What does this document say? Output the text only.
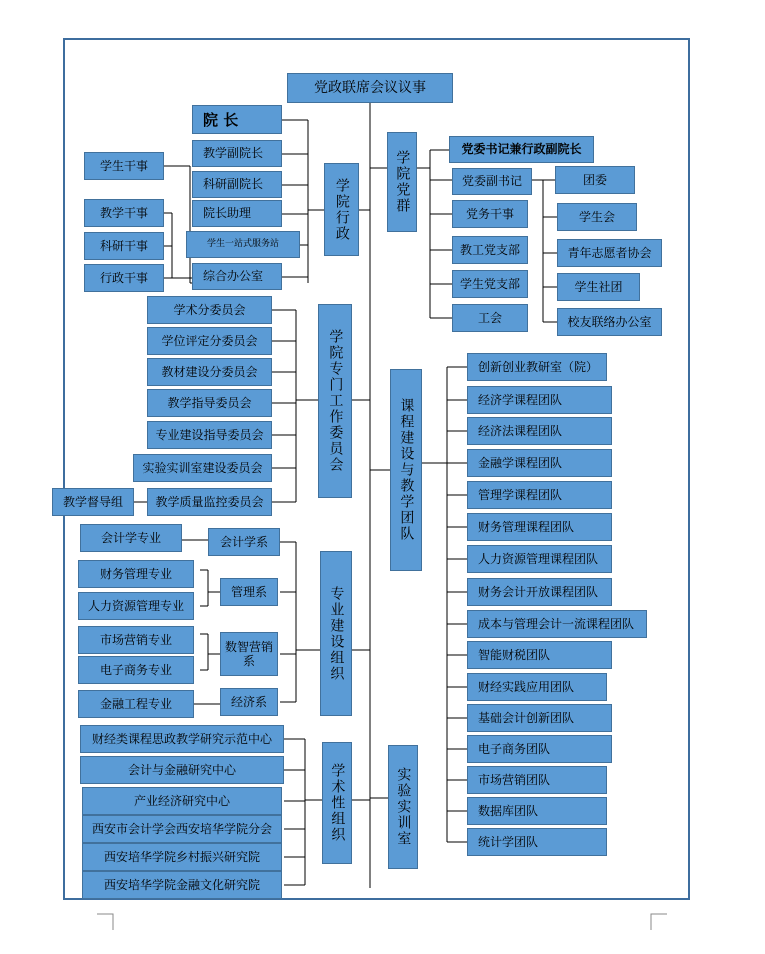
党政联席会议议事
学院行政	学院党群
学院专门工作委员会	课程建设与教学团队
专业建设组织
学术性组织	实验实训室
院 长
教学副院长
科研副院长
院长助理
学生一站式服务站
综合办公室
学生干事
教学干事
科研干事
行政干事
党委书记兼行政副院长
党委副书记
党务干事
教工党支部
学生党支部
工会
团委
学生会
青年志愿者协会
学生社团
校友联络办公室
学术分委员会
学位评定分委员会
教材建设分委员会
教学指导委员会
专业建设指导委员会
实验实训室建设委员会
教学质量监控委员会
教学督导组
创新创业教研室（院）
经济学课程团队
经济法课程团队
金融学课程团队
管理学课程团队
财务管理课程团队
人力资源管理课程团队
财务会计开放课程团队
成本与管理会计一流课程团队
智能财税团队
财经实践应用团队
基础会计创新团队
电子商务团队
市场营销团队
数据库团队
统计学团队
会计学系
管理系
数智营销系
经济系
会计学专业
财务管理专业
人力资源管理专业
市场营销专业
电子商务专业
金融工程专业
财经类课程思政教学研究示范中心
会计与金融研究中心
产业经济研究中心
西安市会计学会西安培华学院分会
西安培华学院乡村振兴研究院
西安培华学院金融文化研究院
